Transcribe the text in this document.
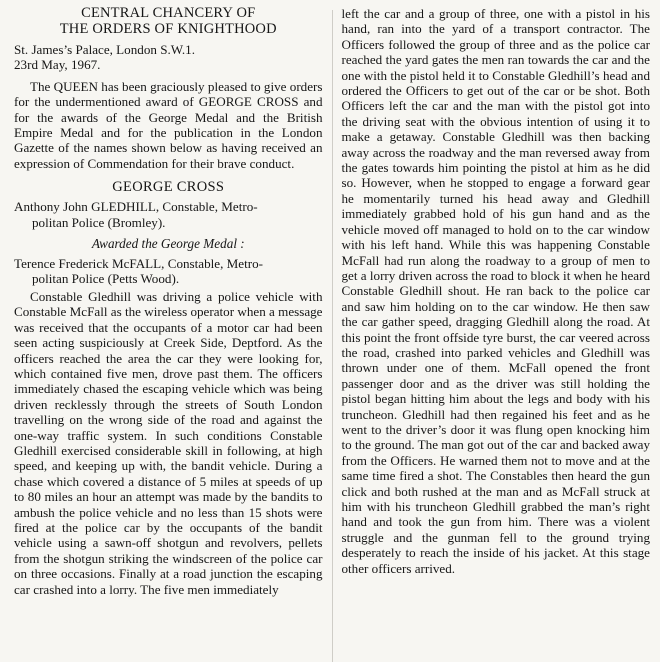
CENTRAL CHANCERY OF
THE ORDERS OF KNIGHTHOOD

St. James’s Palace, London S.W.1.

23rd May, 1967.

The QUEEN has been graciously pleased to give orders for the undermentioned award of GEORGE CROSS and for the awards of the George Medal and the British Empire Medal and for the publication in the London Gazette of the names shown below as having received an expression of Commendation for their brave conduct.

GEORGE CROSS

Anthony John GLEDHILL, Constable, Metro-

politan Police (Bromley).

Awarded the George Medal :

Terence Frederick McFALL, Constable, Metro-

politan Police (Petts Wood).

Constable Gledhill was driving a police vehicle with Constable McFall as the wireless operator when a message was received that the occupants of a motor car had been seen acting suspiciously at Creek Side, Deptford. As the officers reached the area the car they were looking for, which contained five men, drove past them. The officers immediately chased the escaping vehicle which was being driven recklessly through the streets of South London travelling on the wrong side of the road and against the one-way traffic system. In such conditions Constable Gledhill exercised considerable skill in following, at high speed, and keeping up with, the bandit vehicle. During a chase which covered a distance of 5 miles at speeds of up to 80 miles an hour an attempt was made by the bandits to ambush the police vehicle and no less than 15 shots were fired at the police car by the occupants of the bandit vehicle using a sawn-off shotgun and revolvers, pellets from the shotgun striking the windscreen of the police car on three occasions. Finally at a road junction the escaping car crashed into a lorry. The five men immediately

left the car and a group of three, one with a pistol in his hand, ran into the yard of a transport contractor. The Officers followed the group of three and as the police car reached the yard gates the men ran towards the car and the one with the pistol held it to Constable Gledhill’s head and ordered the Officers to get out of the car or be shot. Both Officers left the car and the man with the pistol got into the driving seat with the obvious intention of using it to make a getaway. Constable Gledhill was then backing away across the roadway and the man reversed away from the gates towards him pointing the pistol at him as he did so. However, when he stopped to engage a forward gear he momentarily turned his head away and Gledhill immediately grabbed hold of his gun hand and as the vehicle moved off managed to hold on to the car window with his left hand. While this was happening Constable McFall had run along the roadway to a group of men to get a lorry driven across the road to block it when he heard Constable Gledhill shout. He ran back to the police car and saw him holding on to the car window. He then saw the car gather speed, dragging Gledhill along the road. At this point the front offside tyre burst, the car veered across the road, crashed into parked vehicles and Gledhill was thrown under one of them. McFall opened the front passenger door and as the driver was still holding the pistol began hitting him about the legs and body with his truncheon. Gledhill had then regained his feet and as he went to the driver’s door it was flung open knocking him to the ground. The man got out of the car and backed away from the Officers. He warned them not to move and at the same time fired a shot. The Constables then heard the gun click and both rushed at the man and as McFall struck at him with his truncheon Gledhill grabbed the man’s right hand and took the gun from him. There was a violent struggle and the gunman fell to the ground trying desperately to reach the inside of his jacket. At this stage other officers arrived.
